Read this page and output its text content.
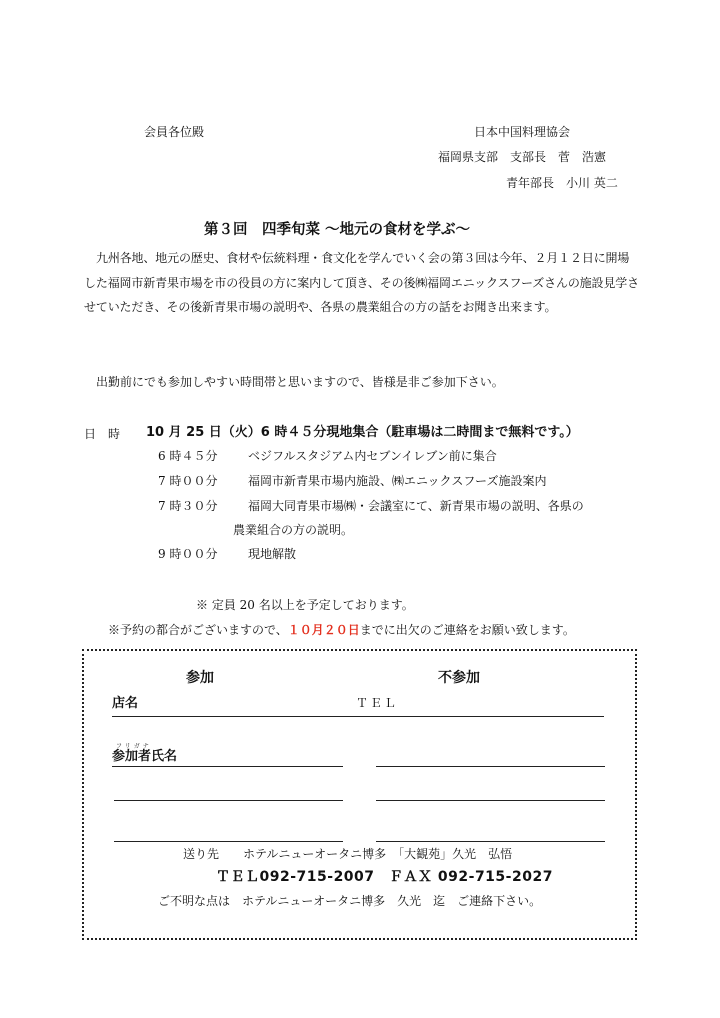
会員各位殿	日本中国料理協会
福岡県支部　支部長　菅　浩憲
青年部長　小川 英二
第３回　四季旬菜 〜地元の食材を学ぶ〜
九州各地、地元の歴史、食材や伝統料理・食文化を学んでいく会の第３回は今年、２月１２日に開場した福岡市新青果市場を市の役員の方に案内して頂き、その後㈱福岡エニックスフーズさんの施設見学させていただき、その後新青果市場の説明や、各県の農業組合の方の話をお聞き出来ます。
出勤前にでも参加しやすい時間帯と思いますので、皆様是非ご参加下さい。
日　時 10 月 25 日（火）6 時４５分現地集合（駐車場は二時間まで無料です。）
6 時４５分	ベジフルスタジアム内セブンイレブン前に集合
7 時００分	福岡市新青果市場内施設、㈱エニックスフーズ施設案内
7 時３０分	福岡大同青果市場㈱・会議室にて、新青果市場の説明、各県の
農業組合の方の説明。
9 時００分	現地解散
※ 定員 20 名以上を予定しております。
※予約の都合がございますので、１０月２０日までに出欠のご連絡をお願い致します。
参加	不参加
店名	ＴＥＬ
フリガナ
参加者氏名
送り先　　ホテルニューオータニ博多　「大観苑」久光　弘悟
ＴＥＬ092-715-2007　ＦＡＸ 092-715-2027
ご不明な点は　ホテルニューオータニ博多　久光　迄　ご連絡下さい。
